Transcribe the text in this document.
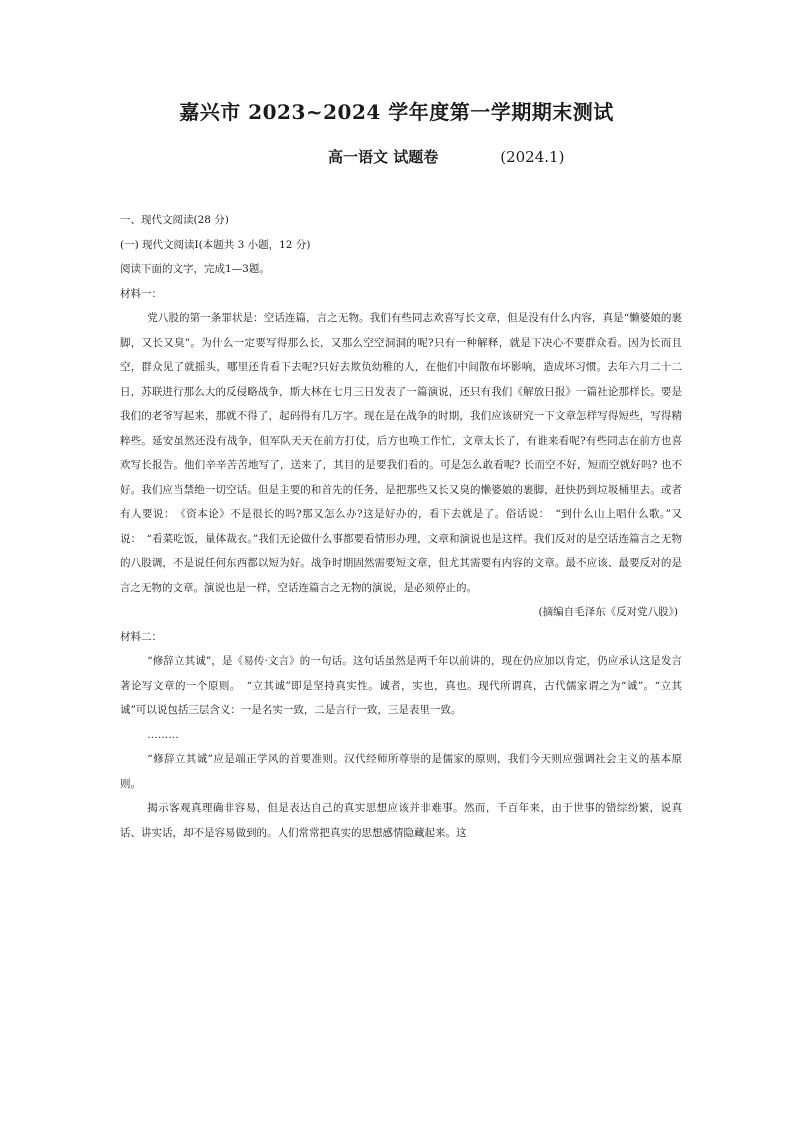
嘉兴市 2023~2024 学年度第一学期期末测试
高一语文 试题卷	(2024.1)

一、现代文阅读(28 分)

(一) 现代文阅读Ⅰ(本题共 3 小题，12 分)

阅读下面的文字，完成1—3题。

材料一：

党八股的第一条罪状是：空话连篇，言之无物。我们有些同志欢喜写长文章，但是没有什么内容，真是“懒婆娘的裹脚，又长又臭”。为什么一定要写得那么长，又那么空空洞洞的呢?只有一种解释，就是下决心不要群众看。因为长而且空，群众见了就摇头，哪里还肯看下去呢?只好去欺负幼稚的人，在他们中间散布坏影响，造成坏习惯。去年六月二十二日，苏联进行那么大的反侵略战争，斯大林在七月三日发表了一篇演说，还只有我们《解放日报》一篇社论那样长。要是我们的老爷写起来，那就不得了，起码得有几万字。现在是在战争的时期，我们应该研究一下文章怎样写得短些，写得精粹些。延安虽然还没有战争，但军队天天在前方打仗，后方也唤工作忙，文章太长了，有谁来看呢?有些同志在前方也喜欢写长报告。他们辛辛苦苦地写了，送来了，其目的是要我们看的。可是怎么敢看呢? 长而空不好，短而空就好吗? 也不好。我们应当禁绝一切空话。但是主要的和首先的任务，是把那些又长又臭的懒婆娘的裹脚，赶快扔到垃圾桶里去。或者有人要说：　《资本论》不是很长的吗?那又怎么办?这是好办的，看下去就是了。俗话说：　“到什么山上唱什么歌。”又说：　“看菜吃饭，量体裁衣。”我们无论做什么事都要看情形办理，文章和演说也是这样。我们反对的是空话连篇言之无物的八股调，不是说任何东西都以短为好。战争时期固然需要短文章，但尤其需要有内容的文章。最不应该、最要反对的是言之无物的文章。演说也是一样，空话连篇言之无物的演说，是必须停止的。

(摘编自毛泽东《反对党八股》)

材料二：

“修辞立其诚”，是《易传·文言》的一句话。这句话虽然是两千年以前讲的，现在仍应加以肯定，仍应承认这是发言著论写文章的一个原则。　“立其诚”即是坚持真实性。诚者，实也，真也。现代所谓真，古代儒家谓之为“诚”。“立其诚”可以说包括三层含义：一是名实一致，二是言行一致，三是表里一致。

………

“修辞立其诚”应是端正学风的首要准则。汉代经师所尊崇的是儒家的原则，我们今天则应强调社会主义的基本原则。

揭示客观真理确非容易，但是表达自己的真实思想应该并非难事。然而，千百年来，由于世事的错综纷繁，说真话、讲实话，却不是容易做到的。人们常常把真实的思想感情隐藏起来。这
